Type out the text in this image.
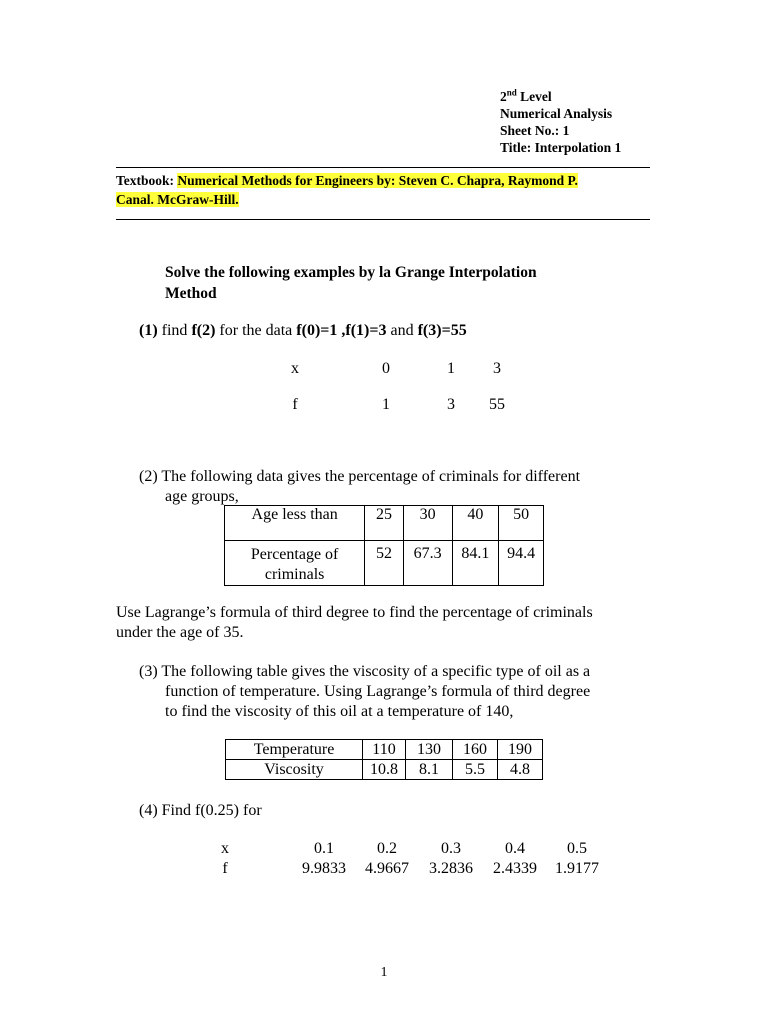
2nd Level
Numerical Analysis
Sheet No.: 1
Title: Interpolation 1
Textbook: Numerical Methods for Engineers by: Steven C. Chapra, Raymond P.
Canal. McGraw-Hill.
Solve the following examples by la Grange Interpolation
Method
(1) find f(2) for the data f(0)=1 ,f(1)=3 and f(3)=55
x	0	1	3
f	1	3	55
(2) The following data gives the percentage of criminals for different
age groups,
Age less than	25	30	40	50
Percentage of
criminals	52	67.3	84.1	94.4
Use Lagrange’s formula of third degree to find the percentage of criminals
under the age of 35.
(3) The following table gives the viscosity of a specific type of oil as a
function of temperature. Using Lagrange’s formula of third degree
to find the viscosity of this oil at a temperature of 140,
Temperature	110	130	160	190
Viscosity	10.8	8.1	5.5	4.8
(4) Find f(0.25) for
x	0.1	0.2	0.3	0.4	0.5
f	9.9833	4.9667	3.2836	2.4339	1.9177
1
